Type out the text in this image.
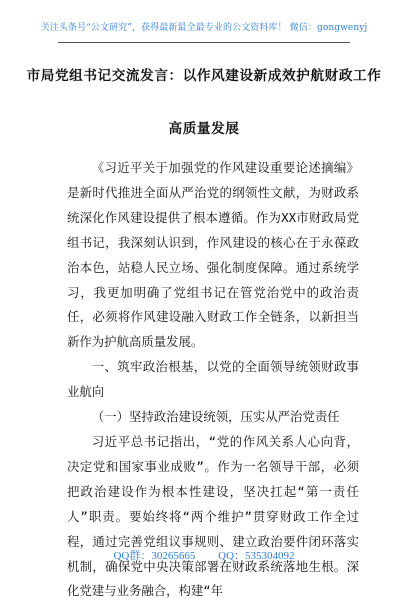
关注头条号“公文研究”，获得最新最全最专业的公文资料库！ 微信：gongwenyj
市局党组书记交流发言：以作风建设新成效护航财政工作
高质量发展

《习近平关于加强党的作风建设重要论述摘编》是新时代推进全面从严治党的纲领性文献，为财政系统深化作风建设提供了根本遵循。作为XX市财政局党组书记，我深刻认识到，作风建设的核心在于永葆政治本色，站稳人民立场、强化制度保障。通过系统学习，我更加明确了党组书记在管党治党中的政治责任，必须将作风建设融入财政工作全链条，以新担当新作为护航高质量发展。

一、筑牢政治根基，以党的全面领导统领财政事业航向

（一）坚持政治建设统领，压实从严治党责任

习近平总书记指出，“党的作风关系人心向背，决定党和国家事业成败”。作为一名领导干部，必须把政治建设作为根本性建设，坚决扛起“第一责任人”职责。要始终将“两个维护”贯穿财政工作全过程，通过完善党组议事规则、建立政治要件闭环落实机制，确保党中央决策部署在财政系统落地生根。深化党建与业务融合，构建“年

QQ群：30265665 QQ：535304092
